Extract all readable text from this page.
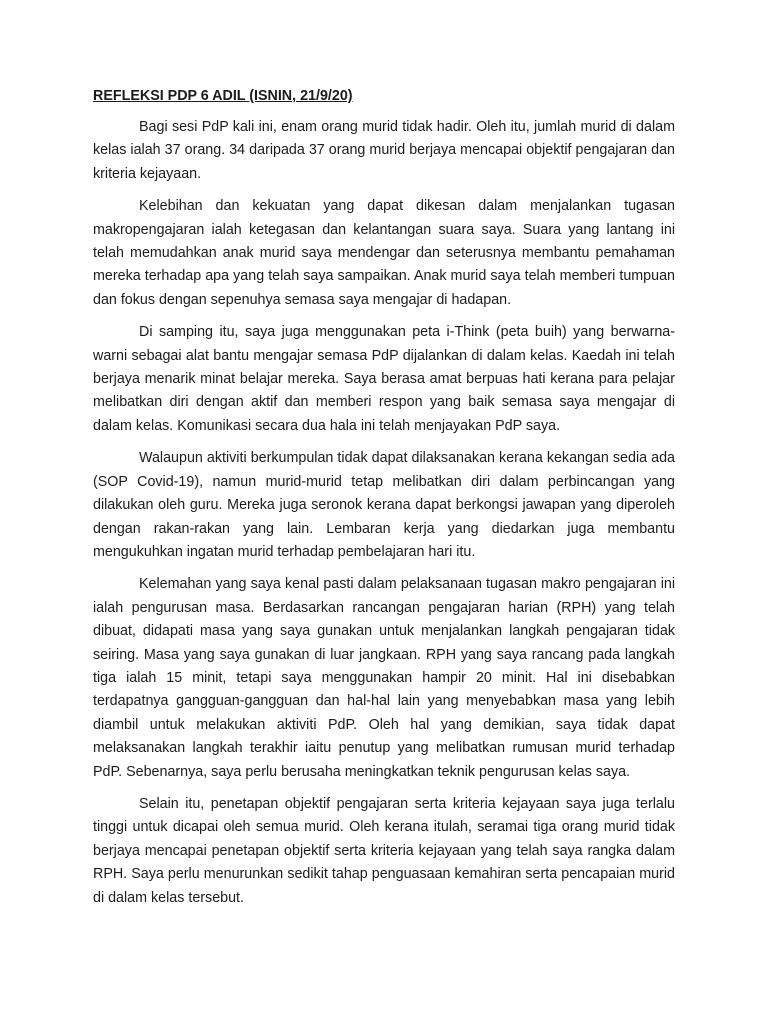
REFLEKSI PDP 6 ADIL (ISNIN, 21/9/20)

Bagi sesi PdP kali ini, enam orang murid tidak hadir. Oleh itu, jumlah murid di dalam kelas ialah 37 orang. 34 daripada 37 orang murid berjaya mencapai objektif pengajaran dan kriteria kejayaan.

Kelebihan dan kekuatan yang dapat dikesan dalam menjalankan tugasan makropengajaran ialah ketegasan dan kelantangan suara saya. Suara yang lantang ini telah memudahkan anak murid saya mendengar dan seterusnya membantu pemahaman mereka terhadap apa yang telah saya sampaikan. Anak murid saya telah memberi tumpuan dan fokus dengan sepenuhya semasa saya mengajar di hadapan.

Di samping itu, saya juga menggunakan peta i-Think (peta buih) yang berwarna-warni sebagai alat bantu mengajar semasa PdP dijalankan di dalam kelas. Kaedah ini telah berjaya menarik minat belajar mereka. Saya berasa amat berpuas hati kerana para pelajar melibatkan diri dengan aktif dan memberi respon yang baik semasa saya mengajar di dalam kelas. Komunikasi secara dua hala ini telah menjayakan PdP saya.

Walaupun aktiviti berkumpulan tidak dapat dilaksanakan kerana kekangan sedia ada (SOP Covid-19), namun murid-murid tetap melibatkan diri dalam perbincangan yang dilakukan oleh guru. Mereka juga seronok kerana dapat berkongsi jawapan yang diperoleh dengan rakan-rakan yang lain. Lembaran kerja yang diedarkan juga membantu mengukuhkan ingatan murid terhadap pembelajaran hari itu.

Kelemahan yang saya kenal pasti dalam pelaksanaan tugasan makro pengajaran ini ialah pengurusan masa. Berdasarkan rancangan pengajaran harian (RPH) yang telah dibuat, didapati masa yang saya gunakan untuk menjalankan langkah pengajaran tidak seiring. Masa yang saya gunakan di luar jangkaan. RPH yang saya rancang pada langkah tiga ialah 15 minit, tetapi saya menggunakan hampir 20 minit. Hal ini disebabkan terdapatnya gangguan-gangguan dan hal-hal lain yang menyebabkan masa yang lebih diambil untuk melakukan aktiviti PdP. Oleh hal yang demikian, saya tidak dapat melaksanakan langkah terakhir iaitu penutup yang melibatkan rumusan murid terhadap PdP. Sebenarnya, saya perlu berusaha meningkatkan teknik pengurusan kelas saya.

Selain itu, penetapan objektif pengajaran serta kriteria kejayaan saya juga terlalu tinggi untuk dicapai oleh semua murid. Oleh kerana itulah, seramai tiga orang murid tidak berjaya mencapai penetapan objektif serta kriteria kejayaan yang telah saya rangka dalam RPH. Saya perlu menurunkan sedikit tahap penguasaan kemahiran serta pencapaian murid di dalam kelas tersebut.
